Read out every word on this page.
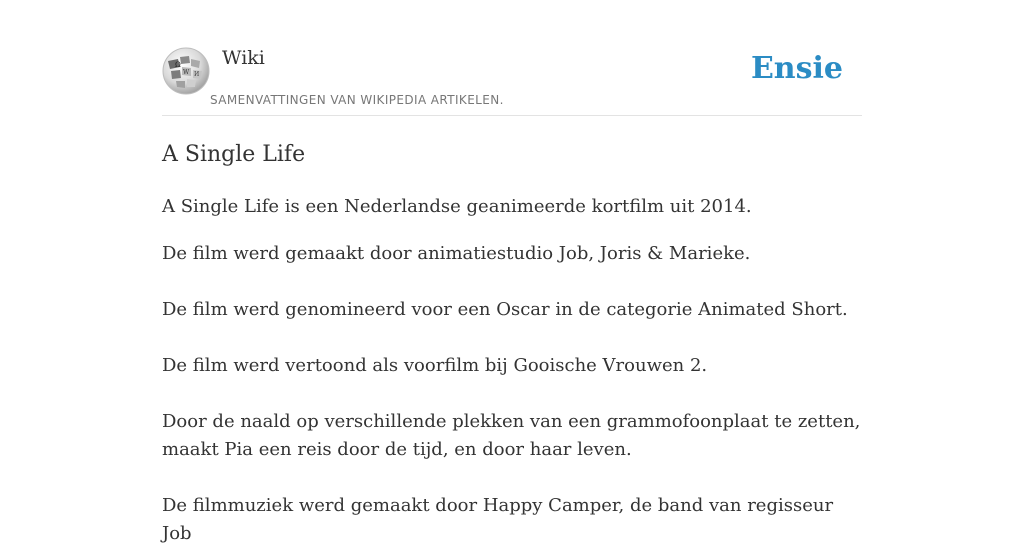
Ω
W И
Wiki
SAMENVATTINGEN VAN WIKIPEDIA ARTIKELEN.
Ensie
A Single Life

A Single Life is een Nederlandse geanimeerde kortfilm uit 2014.

De film werd gemaakt door animatiestudio Job, Joris & Marieke.

De film werd genomineerd voor een Oscar in de categorie Animated Short.

De film werd vertoond als voorfilm bij Gooische Vrouwen 2.

Door de naald op verschillende plekken van een grammofoonplaat te zetten, maakt Pia een reis door de tijd, en door haar leven.

De filmmuziek werd gemaakt door Happy Camper, de band van regisseur Job
